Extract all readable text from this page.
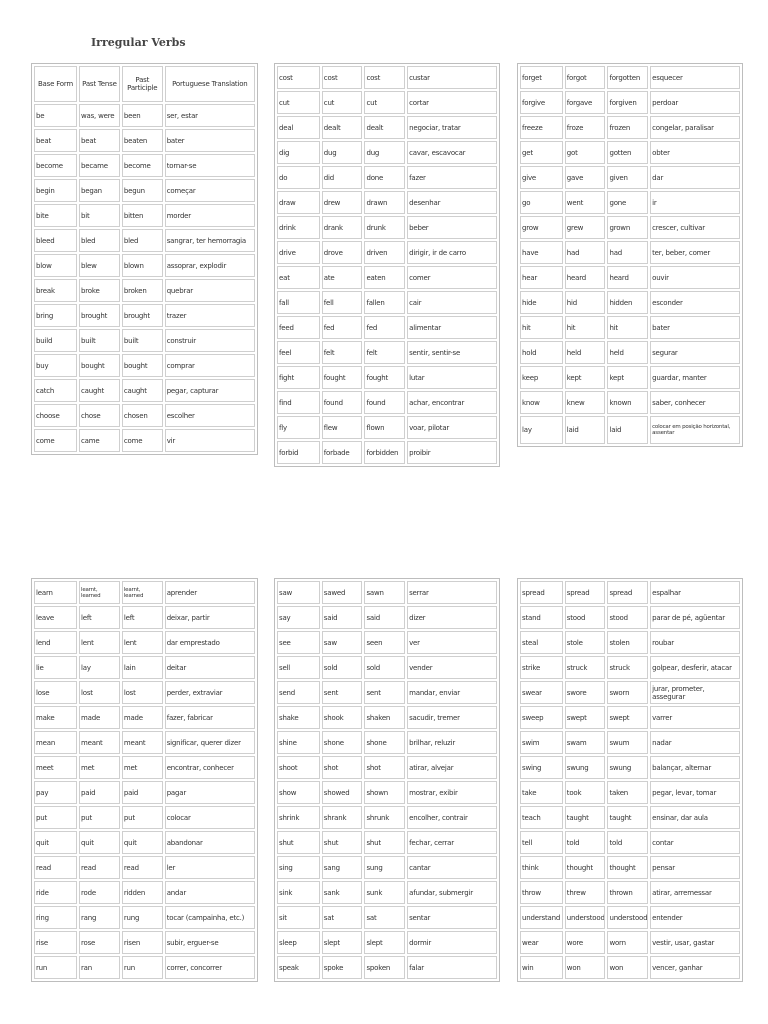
Irregular Verbs
Base Form	Past Tense	Past Participle	Portuguese Translation
be	was, were	been	ser, estar
beat	beat	beaten	bater
become	became	become	tornar-se
begin	began	begun	começar
bite	bit	bitten	morder
bleed	bled	bled	sangrar, ter hemorragia
blow	blew	blown	assoprar, explodir
break	broke	broken	quebrar
bring	brought	brought	trazer
build	built	built	construir
buy	bought	bought	comprar
catch	caught	caught	pegar, capturar
choose	chose	chosen	escolher
come	came	come	vir
cost	cost	cost	custar
cut	cut	cut	cortar
deal	dealt	dealt	negociar, tratar
dig	dug	dug	cavar, escavocar
do	did	done	fazer
draw	drew	drawn	desenhar
drink	drank	drunk	beber
drive	drove	driven	dirigir, ir de carro
eat	ate	eaten	comer
fall	fell	fallen	cair
feed	fed	fed	alimentar
feel	felt	felt	sentir, sentir-se
fight	fought	fought	lutar
find	found	found	achar, encontrar
fly	flew	flown	voar, pilotar
forbid	forbade	forbidden	proibir
forget	forgot	forgotten	esquecer
forgive	forgave	forgiven	perdoar
freeze	froze	frozen	congelar, paralisar
get	got	gotten	obter
give	gave	given	dar
go	went	gone	ir
grow	grew	grown	crescer, cultivar
have	had	had	ter, beber, comer
hear	heard	heard	ouvir
hide	hid	hidden	esconder
hit	hit	hit	bater
hold	held	held	segurar
keep	kept	kept	guardar, manter
know	knew	known	saber, conhecer
lay	laid	laid	colocar em posição horizontal, assentar
learn	learnt, learned	learnt, learned	aprender
leave	left	left	deixar, partir
lend	lent	lent	dar emprestado
lie	lay	lain	deitar
lose	lost	lost	perder, extraviar
make	made	made	fazer, fabricar
mean	meant	meant	significar, querer dizer
meet	met	met	encontrar, conhecer
pay	paid	paid	pagar
put	put	put	colocar
quit	quit	quit	abandonar
read	read	read	ler
ride	rode	ridden	andar
ring	rang	rung	tocar (campainha, etc.)
rise	rose	risen	subir, erguer-se
run	ran	run	correr, concorrer
saw	sawed	sawn	serrar
say	said	said	dizer
see	saw	seen	ver
sell	sold	sold	vender
send	sent	sent	mandar, enviar
shake	shook	shaken	sacudir, tremer
shine	shone	shone	brilhar, reluzir
shoot	shot	shot	atirar, alvejar
show	showed	shown	mostrar, exibir
shrink	shrank	shrunk	encolher, contrair
shut	shut	shut	fechar, cerrar
sing	sang	sung	cantar
sink	sank	sunk	afundar, submergir
sit	sat	sat	sentar
sleep	slept	slept	dormir
speak	spoke	spoken	falar
spread	spread	spread	espalhar
stand	stood	stood	parar de pé, agüentar
steal	stole	stolen	roubar
strike	struck	struck	golpear, desferir, atacar
swear	swore	sworn	jurar, prometer, assegurar
sweep	swept	swept	varrer
swim	swam	swum	nadar
swing	swung	swung	balançar, alternar
take	took	taken	pegar, levar, tomar
teach	taught	taught	ensinar, dar aula
tell	told	told	contar
think	thought	thought	pensar
throw	threw	thrown	atirar, arremessar
understand	understood	understood	entender
wear	wore	worn	vestir, usar, gastar
win	won	won	vencer, ganhar
